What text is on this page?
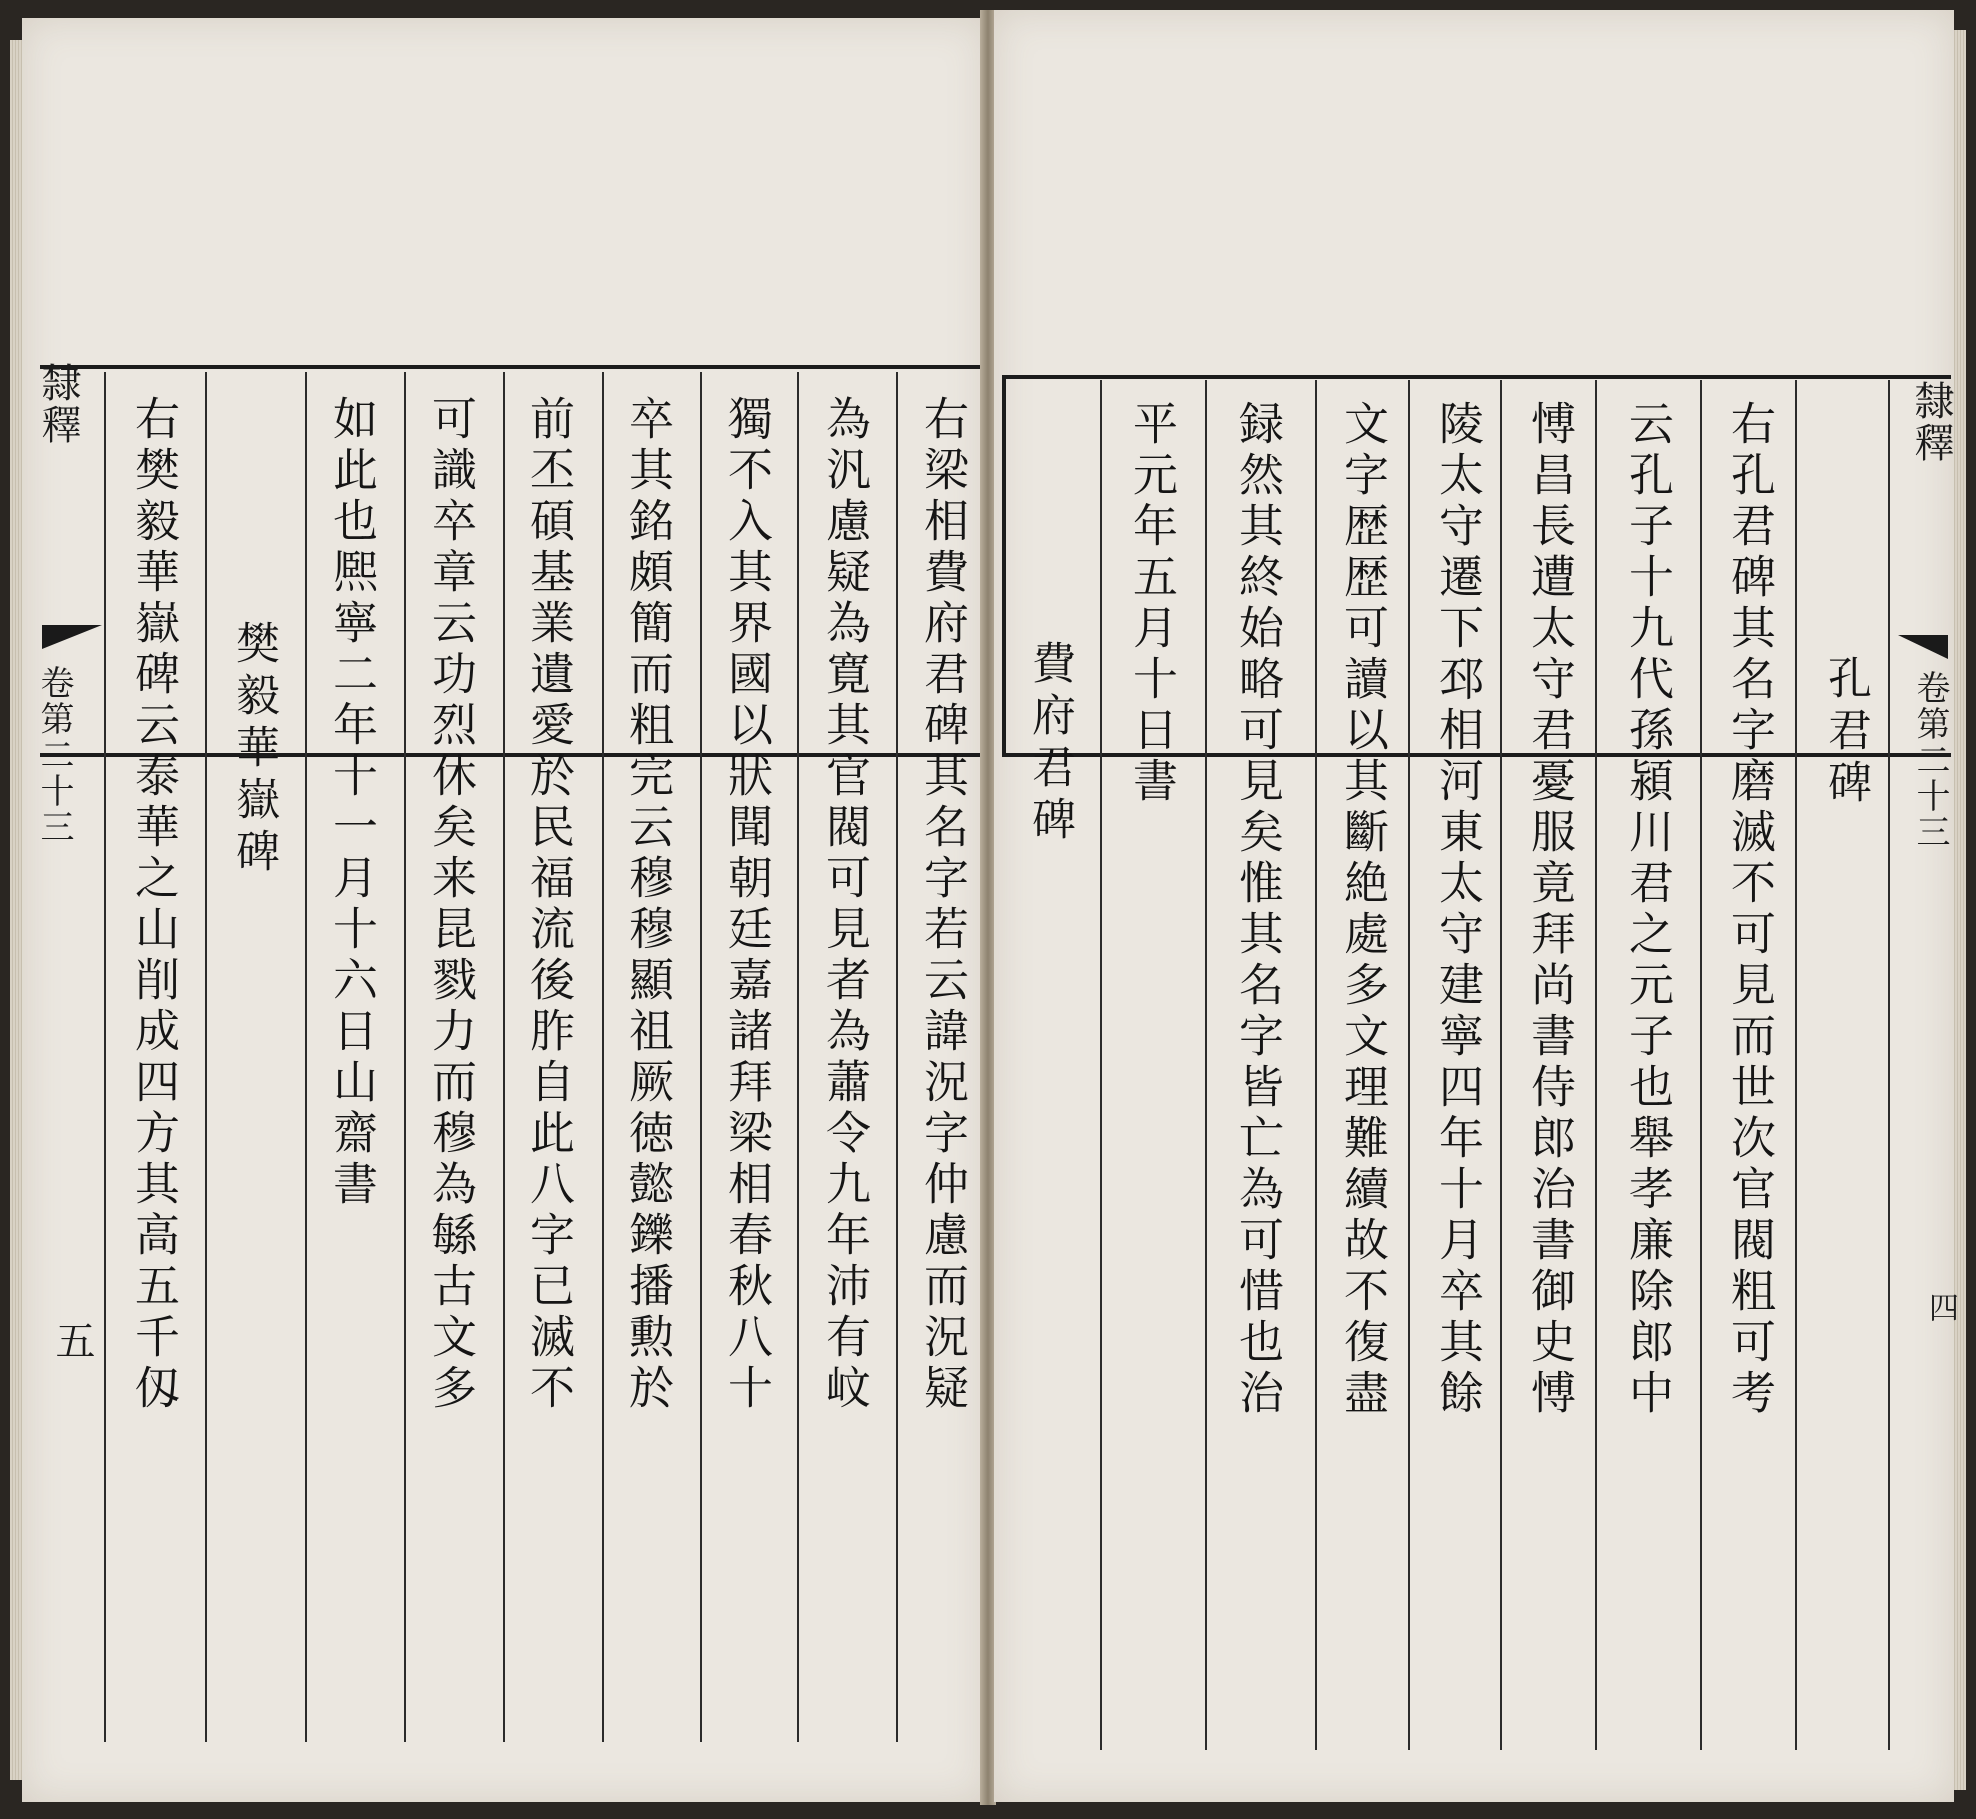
隸釋
卷第二十三
五	右梁相費府君碑其名字若云諱況字仲慮而況疑
為汎慮疑為寛其官閥可見者為蕭令九年沛有㞶
獨不入其界國以狀聞朝廷嘉諸拜梁相春秋八十
卒其銘頗簡而粗完云穆穆顯祖厥徳懿鑠播勲於
前丕碩基業遺愛於民福流後胙自此八字已滅不
可識卒章云功烈休矣来昆戮力而穆為緐古文多
如此也熈寧二年十一月十六日山齋書
樊毅華嶽碑
右樊毅華嶽碑云泰華之山削成四方其高五千仭	隸釋
卷第二十三
四
孔君碑
右孔君碑其名字磨滅不可見而世次官閥粗可考
云孔子十九代孫潁川君之元子也舉孝廉除郎中
愽昌長遭太守君憂服竟拜尚書侍郎治書御史愽
陵太守遷下邳相河東太守建寧四年十月卒其餘
文字歴歴可讀以其斷絶處多文理難續故不復盡
録然其終始略可見矣惟其名字皆亡為可惜也治
平元年五月十日書
費府君碑
